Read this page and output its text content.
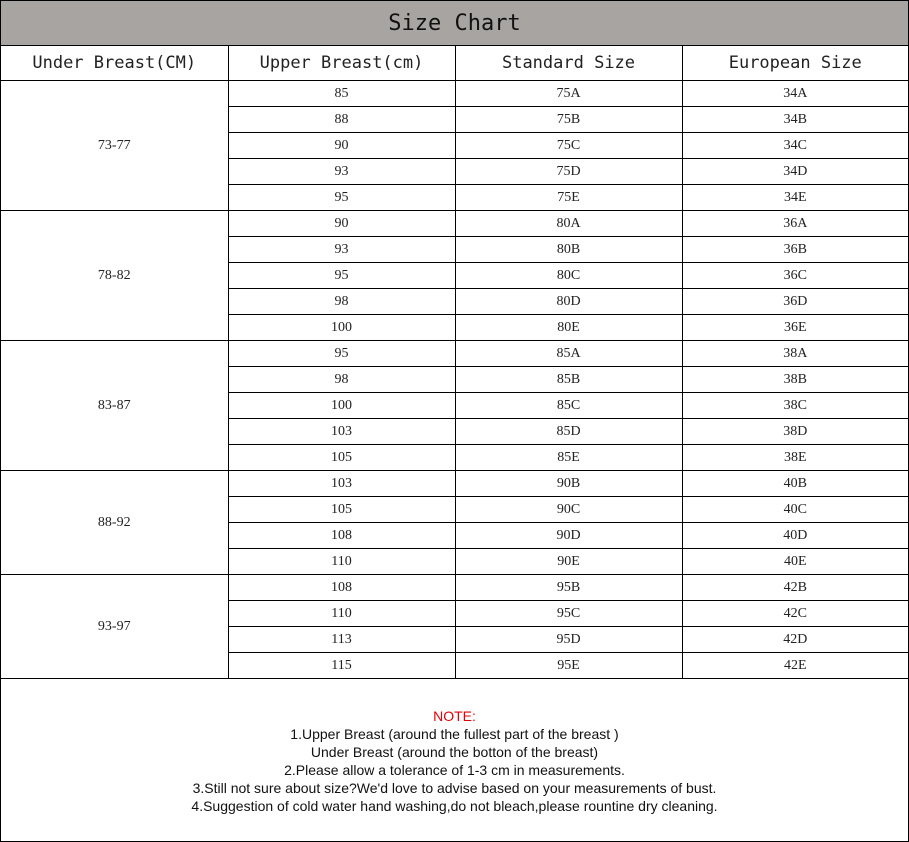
Size Chart
Under Breast(CM)	Upper Breast(cm)	Standard Size	European Size
73-77	85	75A	34A
	88	75B	34B
	90	75C	34C
	93	75D	34D
	95	75E	34E
78-82	90	80A	36A
	93	80B	36B
	95	80C	36C
	98	80D	36D
	100	80E	36E
83-87	95	85A	38A
	98	85B	38B
	100	85C	38C
	103	85D	38D
	105	85E	38E
88-92	103	90B	40B
	105	90C	40C
	108	90D	40D
	110	90E	40E
93-97	108	95B	42B
	110	95C	42C
	113	95D	42D
	115	95E	42E
NOTE:
1.Upper Breast (around the fullest part of the breast )
Under Breast (around the botton of the breast)
2.Please allow a tolerance of 1-3 cm in measurements.
3.Still not sure about size?We'd love to advise based on your measurements of bust.
4.Suggestion of cold water hand washing,do not bleach,please rountine dry cleaning.
